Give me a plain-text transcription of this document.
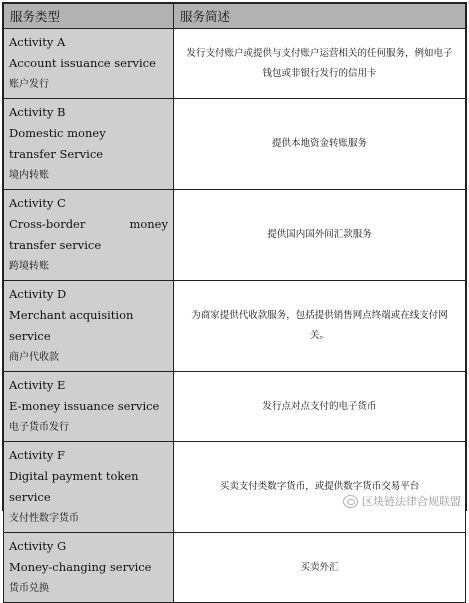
服务类型	服务简述

Activity A
Account issuance service
账户发行	发行支付账户或提供与支付账户运营相关的任何服务，例如电子钱包或非银行发行的信用卡

Activity B
Domestic money transfer Service
境内转账	提供本地资金转账服务

Activity C
Cross-border money transfer service
跨境转账	提供国内国外间汇款服务

Activity D
Merchant acquisition service
商户代收款	为商家提供代收款服务，包括提供销售网点终端或在线支付网关。

Activity E
E-money issuance service
电子货币发行	发行点对点支付的电子货币

Activity F
Digital payment token service
支付性数字货币	买卖支付类数字货币，或提供数字货币交易平台

Activity G
Money-changing service
货币兑换	买卖外汇
区块链法律合规联盟
